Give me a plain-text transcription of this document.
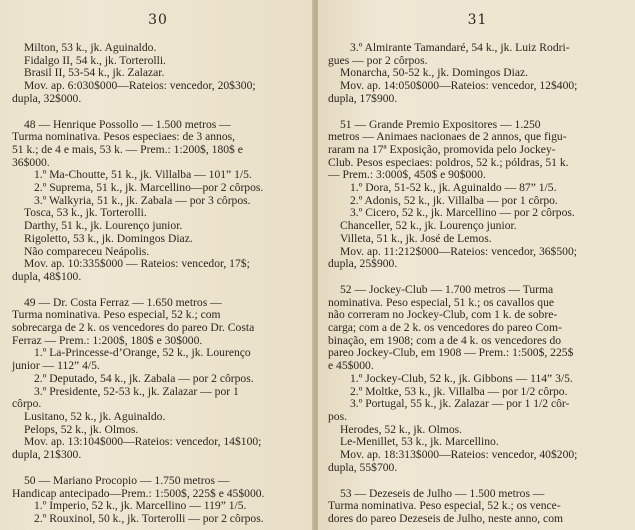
30
Milton, 53 k., jk. Aguinaldo.
Fidalgo II, 54 k., jk. Torterolli.
Brasil II, 53-54 k., jk. Zalazar.
Mov. ap. 6:030$000—Rateios: vencedor, 20$300;
dupla, 32$000.
48 — Henrique Possollo — 1.500 metros —
Turma nominativa. Pesos especiaes: de 3 annos,
51 k.; de 4 e mais, 53 k. — Prem.: 1:200$, 180$ e
36$000.
1.º Ma-Choutte, 51 k., jk. Villalba — 101” 1/5.
2.º Suprema, 51 k., jk. Marcellino—por 2 côrpos.
3.º Walkyria, 51 k., jk. Zabala — por 3 côrpos.
Tosca, 53 k., jk. Torterolli.
Darthy, 51 k., jk. Lourenço junior.
Rigoletto, 53 k., jk. Domingos Diaz.
Não compareceu Neápolis.
Mov. ap. 10:335$000 — Rateios: vencedor, 17$;
dupla, 48$100.
49 — Dr. Costa Ferraz — 1.650 metros —
Turma nominativa. Peso especial, 52 k.; com
sobrecarga de 2 k. os vencedores do pareo Dr. Costa
Ferraz — Prem.: 1:200$, 180$ e 30$000.
1.º La-Princesse-d’Orange, 52 k., jk. Lourenço
junior — 112” 4/5.
2.º Deputado, 54 k., jk. Zabala — por 2 côrpos.
3.º Presidente, 52-53 k., jk. Zalazar — por 1
côrpo.
Lusitano, 52 k., jk. Aguinaldo.
Pelops, 52 k., jk. Olmos.
Mov. ap. 13:104$000—Rateios: vencedor, 14$100;
dupla, 21$300.
50 — Mariano Procopio — 1.750 metros —
Handicap antecipado—Prem.: 1:500$, 225$ e 45$000.
1.º Imperio, 52 k., jk. Marcellino — 119” 1/5.
2.º Rouxinol, 50 k., jk. Torterolli — por 2 côrpos.
31
3.º Almirante Tamandaré, 54 k., jk. Luiz Rodri-
gues — por 2 côrpos.
Monarcha, 50-52 k., jk. Domingos Diaz.
Mov. ap. 14:050$000—Rateios: vencedor, 12$400;
dupla, 17$900.
51 — Grande Premio Expositores — 1.250
metros — Animaes nacionaes de 2 annos, que figu-
raram na 17ª Exposição, promovida pelo Jockey-
Club. Pesos especiaes: poldros, 52 k.; póldras, 51 k.
— Prem.: 3:000$, 450$ e 90$000.
1.º Dora, 51-52 k., jk. Aguinaldo — 87” 1/5.
2.º Adonis, 52 k., jk. Villalba — por 1 côrpo.
3.º Cicero, 52 k., jk. Marcellino — por 2 côrpos.
Chanceller, 52 k., jk. Lourenço junior.
Villeta, 51 k., jk. José de Lemos.
Mov. ap. 11:212$000—Rateios: vencedor, 36$500;
dupla, 25$900.
52 — Jockey-Club — 1.700 metros — Turma
nominativa. Peso especial, 51 k.; os cavallos que
não correram no Jockey-Club, com 1 k. de sobre-
carga; com a de 2 k. os vencedores do pareo Com-
binação, em 1908; com a de 4 k. os vencedores do
pareo Jockey-Club, em 1908 — Prem.: 1:500$, 225$
e 45$000.
1.º Jockey-Club, 52 k., jk. Gibbons — 114” 3/5.
2.º Moltke, 53 k., jk. Villalba — por 1/2 côrpo.
3.º Portugal, 55 k., jk. Zalazar — por 1 1/2 côr-
pos.
Herodes, 52 k., jk. Olmos.
Le-Menillet, 53 k., jk. Marcellino.
Mov. ap. 18:313$000—Rateios: vencedor, 40$200;
dupla, 55$700.
53 — Dezeseis de Julho — 1.500 metros —
Turma nominativa. Peso especial, 52 k.; os vence-
dores do pareo Dezeseis de Julho, neste anno, com
